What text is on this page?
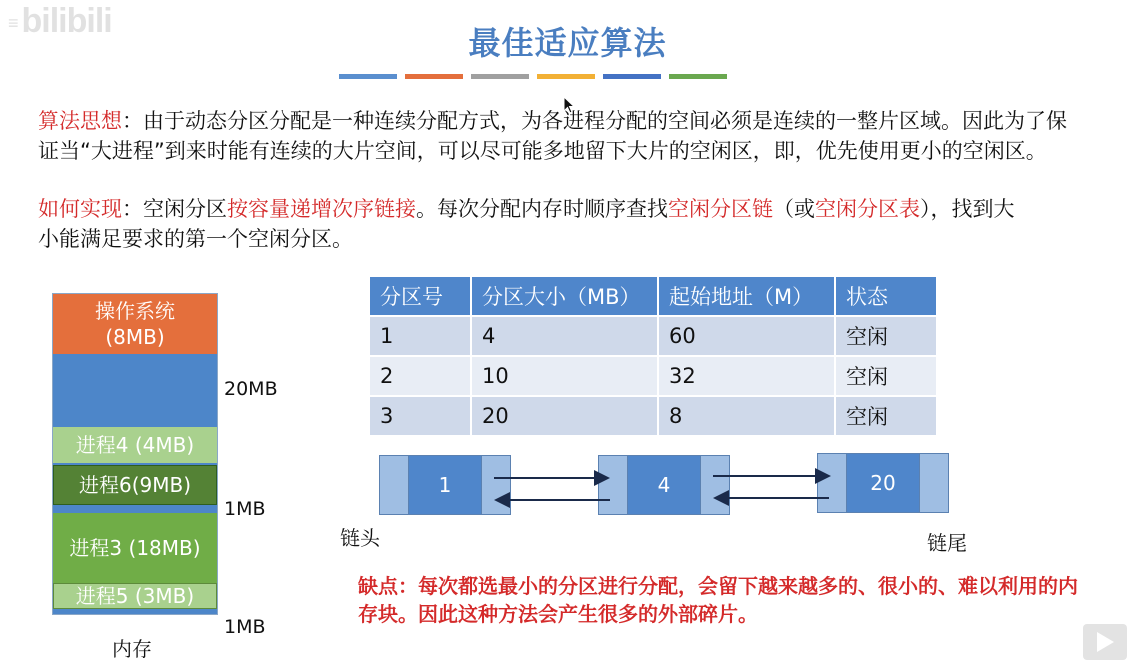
≡ bilibili
最佳适应算法
算法思想：由于动态分区分配是一种连续分配方式，为各进程分配的空间必须是连续的一整片区域。因此为了保证当“大进程”到来时能有连续的大片空间，可以尽可能多地留下大片的空闲区，即，优先使用更小的空闲区。
如何实现：空闲分区按容量递增次序链接。每次分配内存时顺序查找空闲分区链（或空闲分区表），找到大小能满足要求的第一个空闲分区。
操作系统
(8MB)
进程4 (4MB)
进程6(9MB)
进程3 (18MB)
进程5 (3MB)
20MB
1MB
1MB
内存
分区号	分区大小（MB）	起始地址（M）	状态
1	4	60	空闲
2	10	32	空闲
3	20	8	空闲
1	4	20
链头	链尾
缺点：每次都选最小的分区进行分配，会留下越来越多的、很小的、难以利用的内存块。因此这种方法会产生很多的外部碎片。
